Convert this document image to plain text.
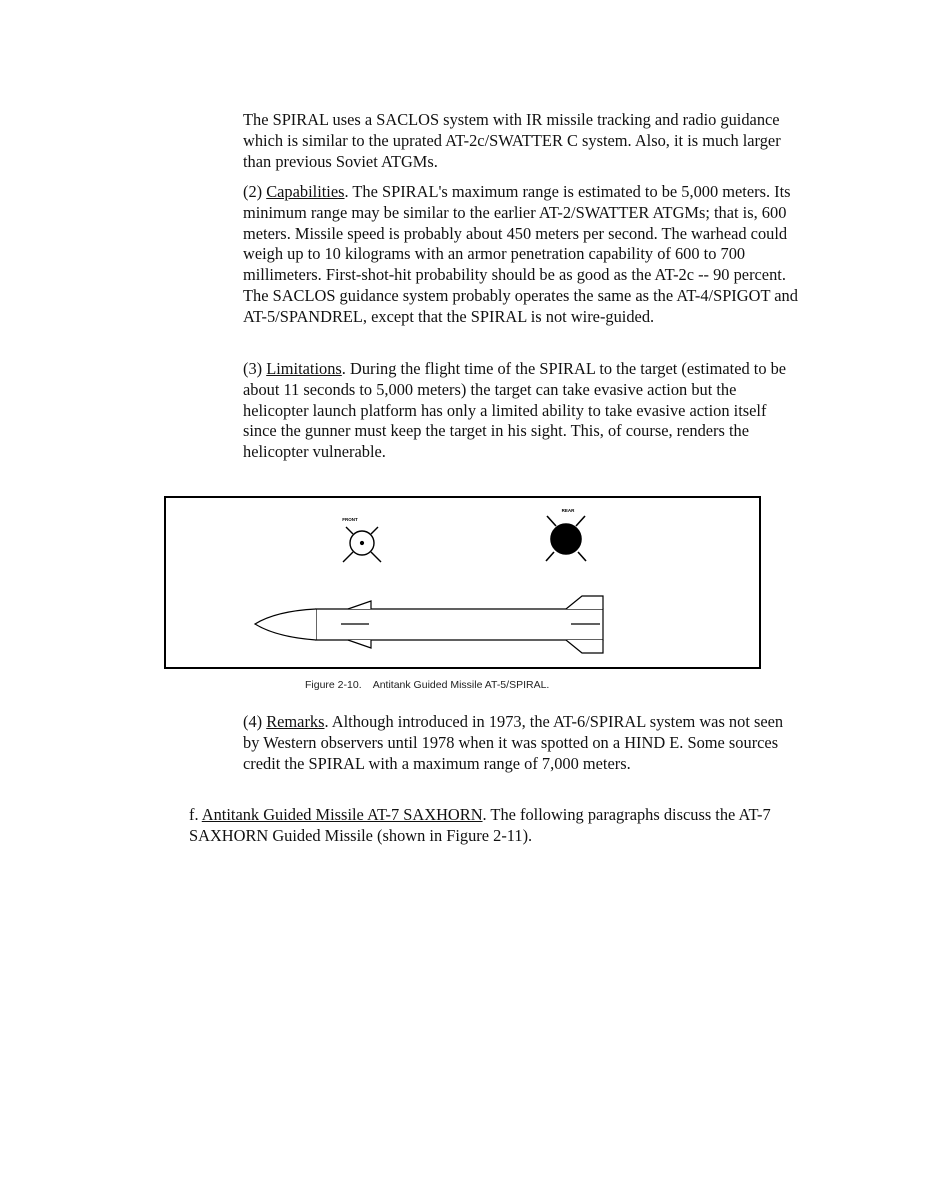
The SPIRAL uses a SACLOS system with IR missile tracking and radio guidance which is similar to the uprated AT-2c/SWATTER C system. Also, it is much larger than previous Soviet ATGMs.

(2) Capabilities. The SPIRAL's maximum range is estimated to be 5,000 meters. Its minimum range may be similar to the earlier AT-2/SWATTER ATGMs; that is, 600 meters. Missile speed is probably about 450 meters per second. The warhead could weigh up to 10 kilograms with an armor penetration capability of 600 to 700 millimeters. First-shot-hit probability should be as good as the AT-2c -- 90 percent. The SACLOS guidance system probably operates the same as the AT-4/SPIGOT and AT-5/SPANDREL, except that the SPIRAL is not wire-guided.

(3) Limitations. During the flight time of the SPIRAL to the target (estimated to be about 11 seconds to 5,000 meters) the target can take evasive action but the helicopter launch platform has only a limited ability to take evasive action itself since the gunner must keep the target in his sight. This, of course, renders the helicopter vulnerable.

FRONT
REAR
Figure 2-10.    Antitank Guided Missile AT-5/SPIRAL.

(4) Remarks. Although introduced in 1973, the AT-6/SPIRAL system was not seen by Western observers until 1978 when it was spotted on a HIND E. Some sources credit the SPIRAL with a maximum range of 7,000 meters.

f. Antitank Guided Missile AT-7 SAXHORN. The following paragraphs discuss the AT-7 SAXHORN Guided Missile (shown in Figure 2-11).
